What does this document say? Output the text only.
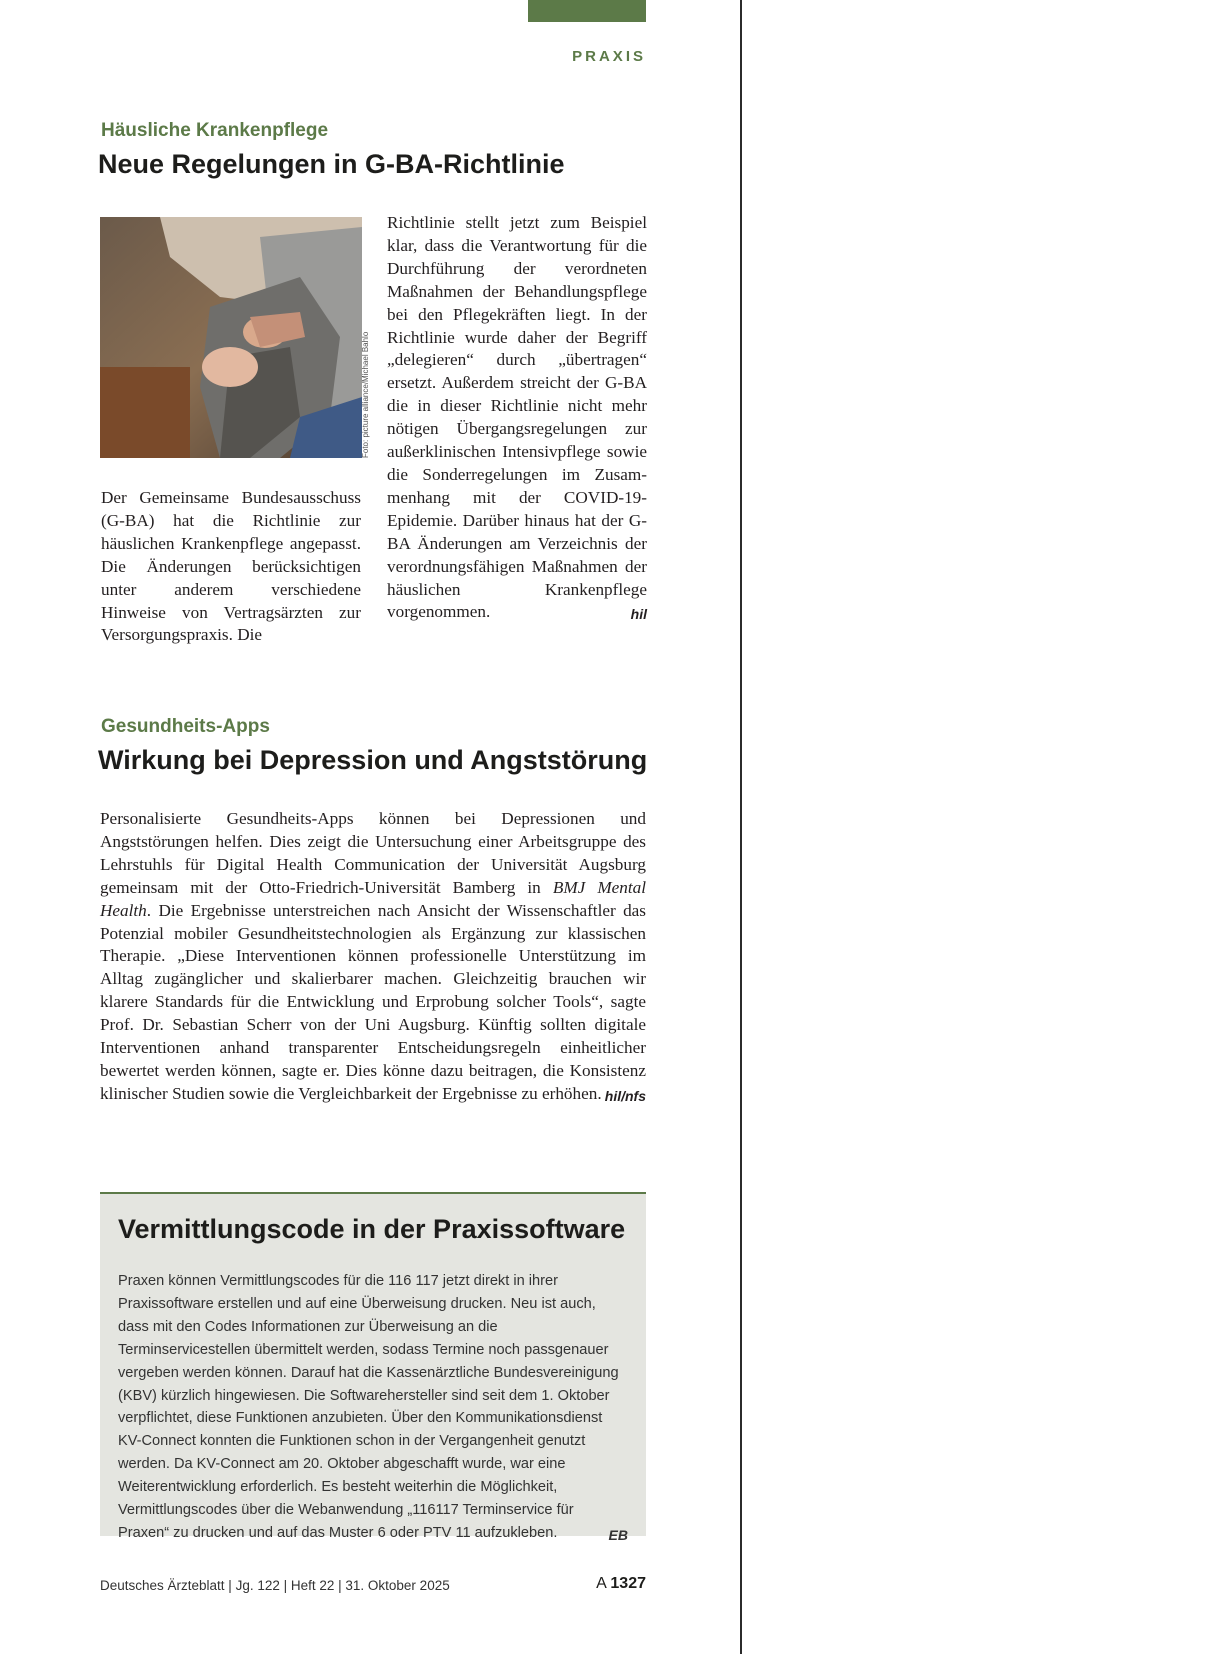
PRAXIS
Häusliche Krankenpflege
Neue Regelungen in G-BA-Richtlinie
Foto: picture alliance/Michael Bahlo

Der Gemeinsame Bundesausschuss (G-BA) hat die Richtlinie zur häuslichen Krankenpflege angepasst. Die Änderungen berücksichtigen unter anderem verschiedene Hinweise von Vertragsärzten zur Versorgungspraxis. Die

Richtlinie stellt jetzt zum Beispiel klar, dass die Verantwortung für die Durchführung der verordneten Maßnahmen der Behandlungspflege bei den Pflegekräften liegt. In der Richtlinie wurde daher der Begriff „delegieren“ durch „übertragen“ ersetzt. Außerdem streicht der G-BA die in dieser Richtlinie nicht mehr nötigen Übergangsregelungen zur außerklinischen Intensivpflege sowie die Sonderregelungen im Zusammenhang mit der COVID-19-Epidemie. Darüber hinaus hat der G-BA Änderungen am Verzeichnis der verordnungsfähigen Maßnahmen der häuslichen Krankenpflege vorgenommen.	hil
Gesundheits-Apps
Wirkung bei Depression und Angststörung
Personalisierte Gesundheits-Apps können bei Depressionen und Angststörungen helfen. Dies zeigt die Untersuchung einer Arbeitsgruppe des Lehrstuhls für Digital Health Communication der Universität Augsburg gemeinsam mit der Otto-Friedrich-Universität Bamberg in BMJ Mental Health. Die Ergebnisse unterstreichen nach Ansicht der Wissenschaftler das Potenzial mobiler Gesundheitstechnologien als Ergänzung zur klassischen Therapie. „Diese Interventionen können professionelle Unterstützung im Alltag zugänglicher und skalierbarer machen. Gleichzeitig brauchen wir klarere Standards für die Entwicklung und Erprobung solcher Tools“, sagte Prof. Dr. Sebastian Scherr von der Uni Augsburg. Künftig sollten digitale Interventionen anhand transparenter Entscheidungsregeln einheitlicher bewertet werden können, sagte er. Dies könne dazu beitragen, die Konsistenz klinischer Studien sowie die Vergleichbarkeit der Ergebnisse zu erhöhen. hil/nfs
Vermittlungscode in der Praxissoftware
Praxen können Vermittlungscodes für die 116 117 jetzt direkt in ihrer Praxissoftware erstellen und auf eine Überweisung drucken. Neu ist auch, dass mit den Codes Informationen zur Überweisung an die Terminservicestellen übermittelt werden, sodass Termine noch passgenauer vergeben werden können. Darauf hat die Kassenärztliche Bundesvereinigung (KBV) kürzlich hingewiesen. Die Softwarehersteller sind seit dem 1. Oktober verpflichtet, diese Funktionen anzubieten. Über den Kommunikationsdienst KV-Connect konnten die Funktionen schon in der Vergangenheit genutzt werden. Da KV-Connect am 20. Oktober abgeschafft wurde, war eine Weiterentwicklung erforderlich. Es besteht weiterhin die Möglichkeit, Vermittlungscodes über die Webanwendung „116117 Terminservice für Praxen“ zu drucken und auf das Muster 6 oder PTV 11 aufzukleben.	EB
Deutsches Ärzteblatt | Jg. 122 | Heft 22 | 31. Oktober 2025	A 1327
